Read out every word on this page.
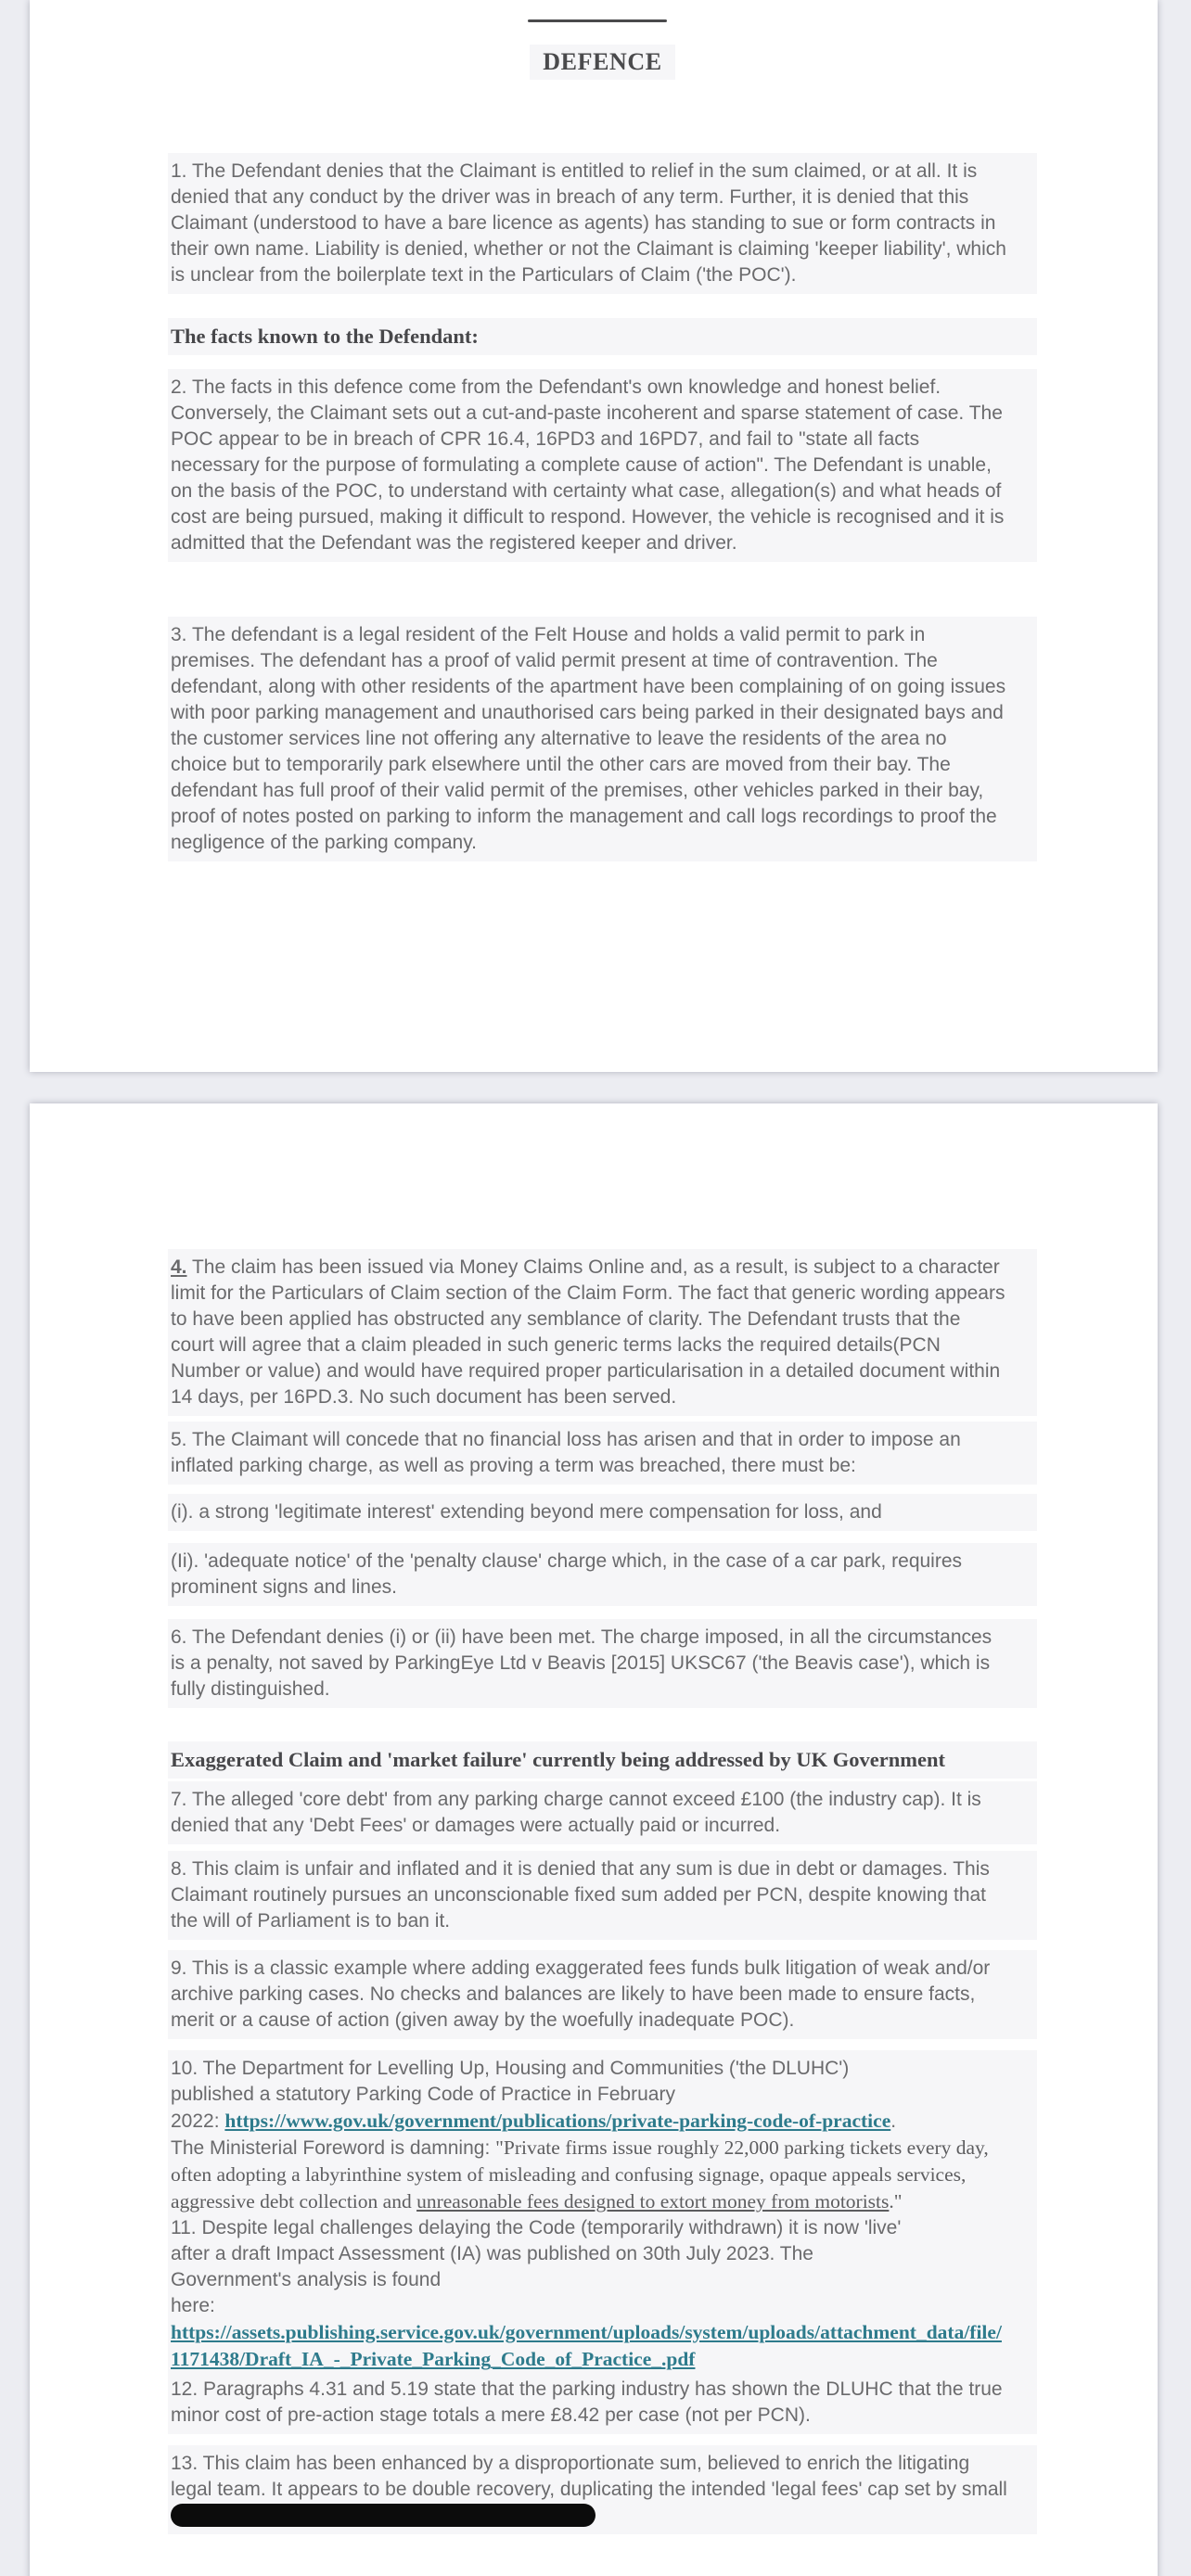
DEFENCE
1. The Defendant denies that the Claimant is entitled to relief in the sum claimed, or at all. It is denied that any conduct by the driver was in breach of any term. Further, it is denied that this Claimant (understood to have a bare licence as agents) has standing to sue or form contracts in their own name. Liability is denied, whether or not the Claimant is claiming 'keeper liability', which is unclear from the boilerplate text in the Particulars of Claim ('the POC').
The facts known to the Defendant:
2. The facts in this defence come from the Defendant's own knowledge and honest belief. Conversely, the Claimant sets out a cut-and-paste incoherent and sparse statement of case. The POC appear to be in breach of CPR 16.4, 16PD3 and 16PD7, and fail to "state all facts necessary for the purpose of formulating a complete cause of action". The Defendant is unable, on the basis of the POC, to understand with certainty what case, allegation(s) and what heads of cost are being pursued, making it difficult to respond. However, the vehicle is recognised and it is admitted that the Defendant was the registered keeper and driver.
3. The defendant is a legal resident of the Felt House and holds a valid permit to park in premises. The defendant has a proof of valid permit present at time of contravention. The defendant, along with other residents of the apartment have been complaining of on going issues with poor parking management and unauthorised cars being parked in their designated bays and the customer services line not offering any alternative to leave the residents of the area no choice but to temporarily park elsewhere until the other cars are moved from their bay. The defendant has full proof of their valid permit of the premises, other vehicles parked in their bay, proof of notes posted on parking to inform the management and call logs recordings to proof the negligence of the parking company.
4. The claim has been issued via Money Claims Online and, as a result, is subject to a character limit for the Particulars of Claim section of the Claim Form. The fact that generic wording appears to have been applied has obstructed any semblance of clarity. The Defendant trusts that the court will agree that a claim pleaded in such generic terms lacks the required details(PCN Number or value) and would have required proper particularisation in a detailed document within 14 days, per 16PD.3. No such document has been served.
5. The Claimant will concede that no financial loss has arisen and that in order to impose an inflated parking charge, as well as proving a term was breached, there must be:
(i). a strong 'legitimate interest' extending beyond mere compensation for loss, and
(Ii). 'adequate notice' of the 'penalty clause' charge which, in the case of a car park, requires prominent signs and lines.
6. The Defendant denies (i) or (ii) have been met. The charge imposed, in all the circumstances is a penalty, not saved by ParkingEye Ltd v Beavis [2015] UKSC67 ('the Beavis case'), which is fully distinguished.
Exaggerated Claim and 'market failure' currently being addressed by UK Government
7. The alleged 'core debt' from any parking charge cannot exceed £100 (the industry cap). It is denied that any 'Debt Fees' or damages were actually paid or incurred.
8. This claim is unfair and inflated and it is denied that any sum is due in debt or damages. This Claimant routinely pursues an unconscionable fixed sum added per PCN, despite knowing that the will of Parliament is to ban it.
9. This is a classic example where adding exaggerated fees funds bulk litigation of weak and/or archive parking cases. No checks and balances are likely to have been made to ensure facts, merit or a cause of action (given away by the woefully inadequate POC).
10. The Department for Levelling Up, Housing and Communities ('the DLUHC')
published a statutory Parking Code of Practice in February
2022: https://www.gov.uk/government/publications/private-parking-code-of-practice.
The Ministerial Foreword is damning: "Private firms issue roughly 22,000 parking tickets every day, often adopting a labyrinthine system of misleading and confusing signage, opaque appeals services, aggressive debt collection and unreasonable fees designed to extort money from motorists."
11. Despite legal challenges delaying the Code (temporarily withdrawn) it is now 'live'
after a draft Impact Assessment (IA) was published on 30th July 2023. The
Government's analysis is found
here: https://assets.publishing.service.gov.uk/government/uploads/system/uploads/attachment_data/file/1171438/Draft_IA_-_Private_Parking_Code_of_Practice_.pdf
12. Paragraphs 4.31 and 5.19 state that the parking industry has shown the DLUHC that the true minor cost of pre-action stage totals a mere £8.42 per case (not per PCN).
13. This claim has been enhanced by a disproportionate sum, believed to enrich the litigating legal team. It appears to be double recovery, duplicating the intended 'legal fees' cap set by small
